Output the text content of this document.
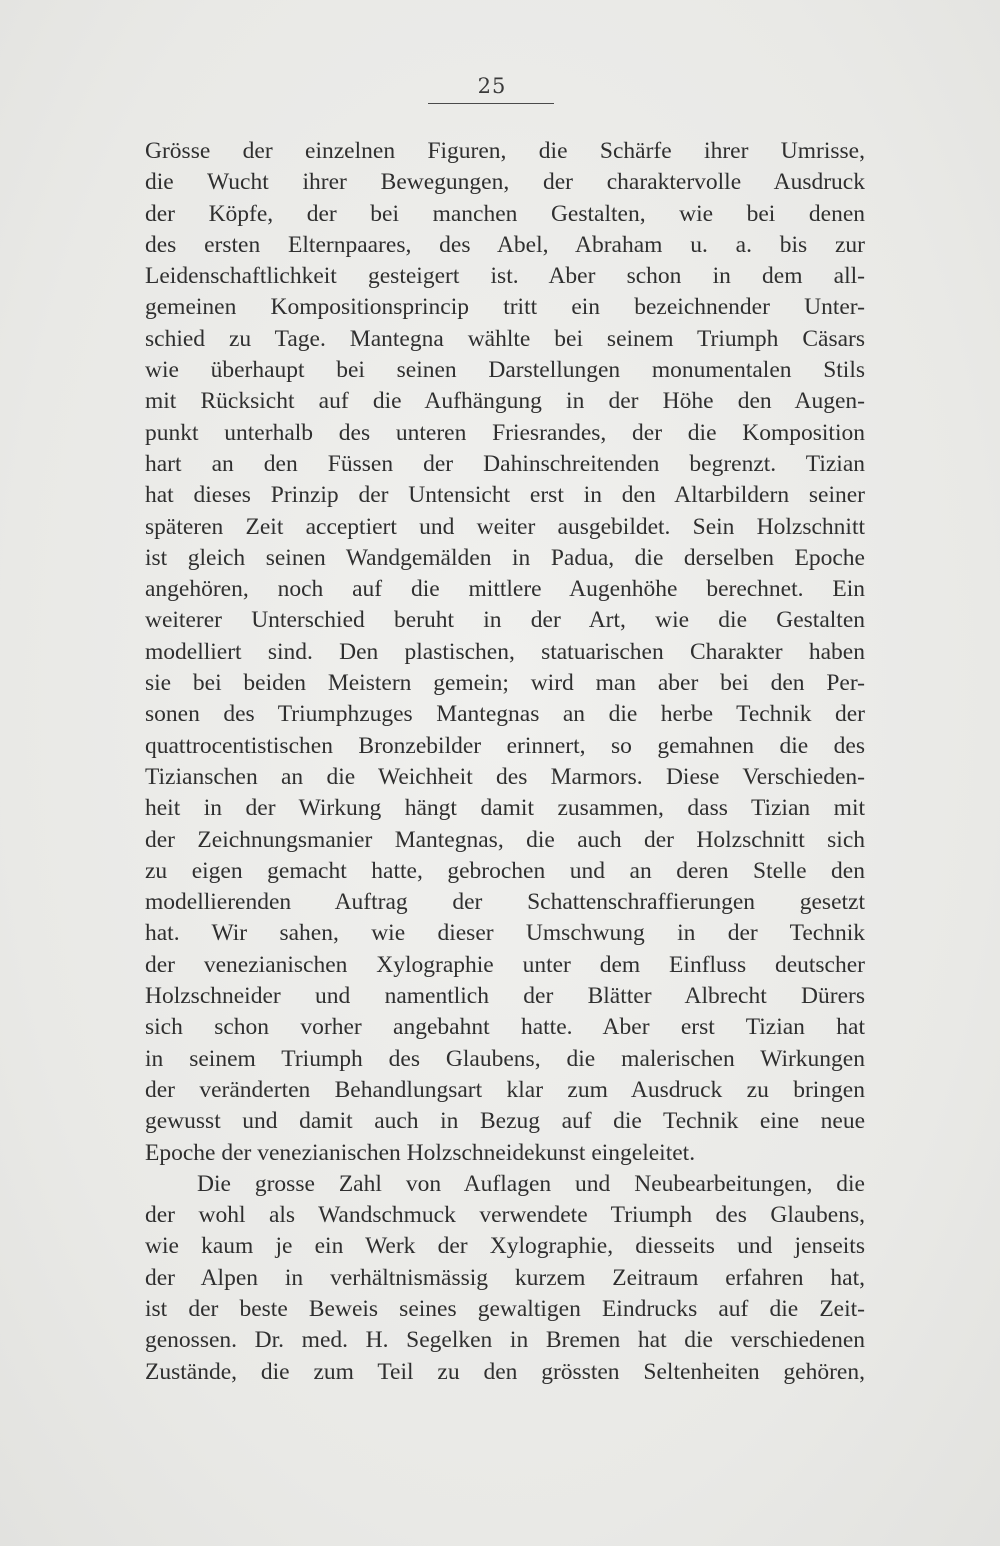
25
Grösse der einzelnen Figuren, die Schärfe ihrer Umrisse,
die Wucht ihrer Bewegungen, der charaktervolle Ausdruck
der Köpfe, der bei manchen Gestalten, wie bei denen
des ersten Elternpaares, des Abel, Abraham u. a. bis zur
Leidenschaftlichkeit gesteigert ist. Aber schon in dem all-
gemeinen Kompositionsprincip tritt ein bezeichnender Unter-
schied zu Tage. Mantegna wählte bei seinem Triumph Cäsars
wie überhaupt bei seinen Darstellungen monumentalen Stils
mit Rücksicht auf die Aufhängung in der Höhe den Augen-
punkt unterhalb des unteren Friesrandes, der die Komposition
hart an den Füssen der Dahinschreitenden begrenzt. Tizian
hat dieses Prinzip der Untensicht erst in den Altarbildern seiner
späteren Zeit acceptiert und weiter ausgebildet. Sein Holzschnitt
ist gleich seinen Wandgemälden in Padua, die derselben Epoche
angehören, noch auf die mittlere Augenhöhe berechnet. Ein
weiterer Unterschied beruht in der Art, wie die Gestalten
modelliert sind. Den plastischen, statuarischen Charakter haben
sie bei beiden Meistern gemein; wird man aber bei den Per-
sonen des Triumphzuges Mantegnas an die herbe Technik der
quattrocentistischen Bronzebilder erinnert, so gemahnen die des
Tizianschen an die Weichheit des Marmors. Diese Verschieden-
heit in der Wirkung hängt damit zusammen, dass Tizian mit
der Zeichnungsmanier Mantegnas, die auch der Holzschnitt sich
zu eigen gemacht hatte, gebrochen und an deren Stelle den
modellierenden Auftrag der Schattenschraffierungen gesetzt
hat. Wir sahen, wie dieser Umschwung in der Technik
der venezianischen Xylographie unter dem Einfluss deutscher
Holzschneider und namentlich der Blätter Albrecht Dürers
sich schon vorher angebahnt hatte. Aber erst Tizian hat
in seinem Triumph des Glaubens, die malerischen Wirkungen
der veränderten Behandlungsart klar zum Ausdruck zu bringen
gewusst und damit auch in Bezug auf die Technik eine neue
Epoche der venezianischen Holzschneidekunst eingeleitet.
Die grosse Zahl von Auflagen und Neubearbeitungen, die
der wohl als Wandschmuck verwendete Triumph des Glaubens,
wie kaum je ein Werk der Xylographie, diesseits und jenseits
der Alpen in verhältnismässig kurzem Zeitraum erfahren hat,
ist der beste Beweis seines gewaltigen Eindrucks auf die Zeit-
genossen. Dr. med. H. Segelken in Bremen hat die verschiedenen
Zustände, die zum Teil zu den grössten Seltenheiten gehören,
